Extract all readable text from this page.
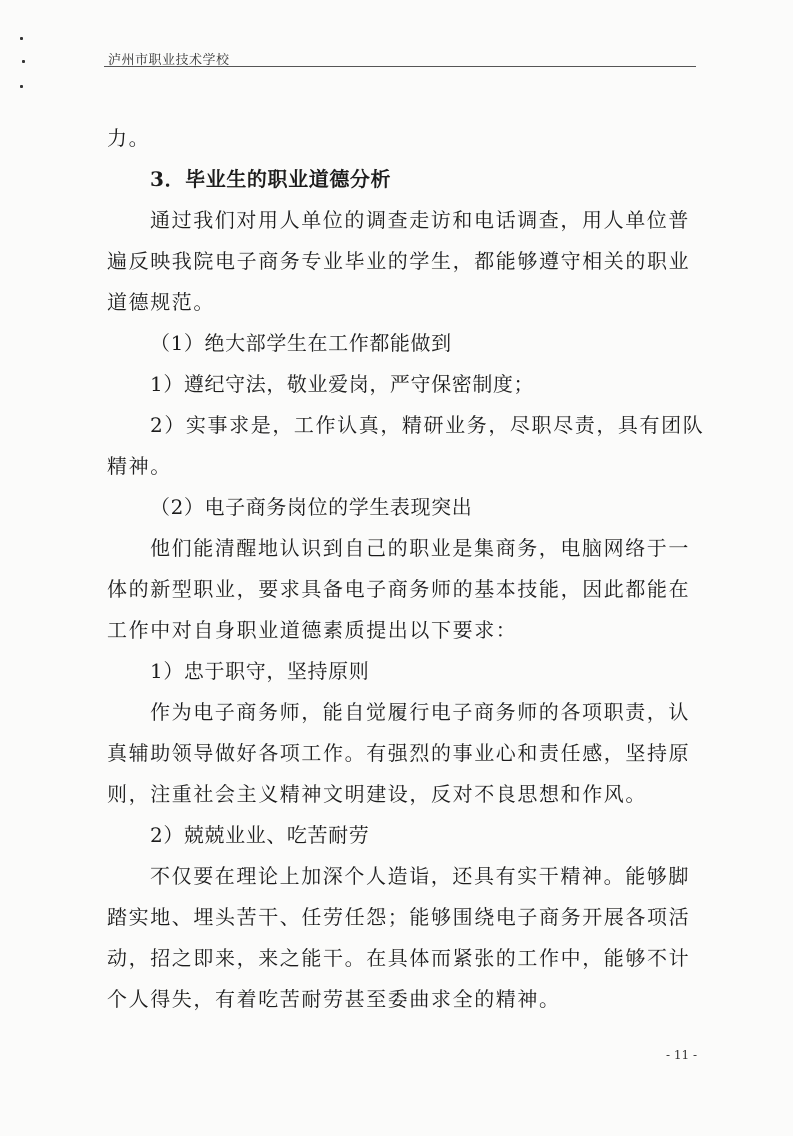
泸州市职业技术学校
力。
3．毕业生的职业道德分析
通过我们对用人单位的调查走访和电话调查，用人单位普
遍反映我院电子商务专业毕业的学生，都能够遵守相关的职业
道德规范。
（1）绝大部学生在工作都能做到
1）遵纪守法，敬业爱岗，严守保密制度；
2）实事求是，工作认真，精研业务，尽职尽责，具有团队
精神。
（2）电子商务岗位的学生表现突出
他们能清醒地认识到自己的职业是集商务，电脑网络于一
体的新型职业，要求具备电子商务师的基本技能，因此都能在
工作中对自身职业道德素质提出以下要求：
1）忠于职守，坚持原则
作为电子商务师，能自觉履行电子商务师的各项职责，认
真辅助领导做好各项工作。有强烈的事业心和责任感，坚持原
则，注重社会主义精神文明建设，反对不良思想和作风。
2）兢兢业业、吃苦耐劳
不仅要在理论上加深个人造诣，还具有实干精神。能够脚
踏实地、埋头苦干、任劳任怨；能够围绕电子商务开展各项活
动，招之即来，来之能干。在具体而紧张的工作中，能够不计
个人得失，有着吃苦耐劳甚至委曲求全的精神。
- 11 -
